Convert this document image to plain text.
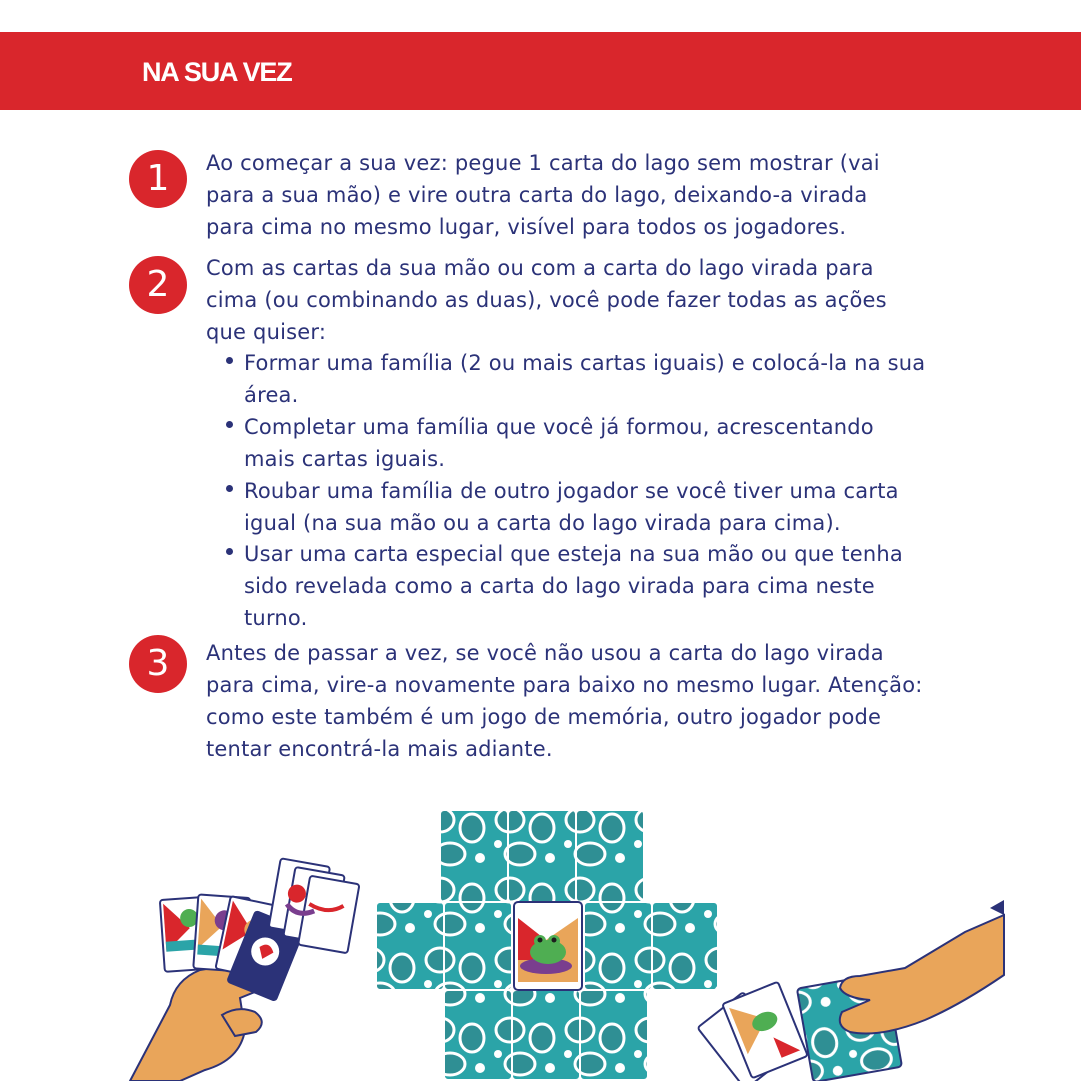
NA SUA VEZ
1	Ao começar a sua vez: pegue 1 carta do lago sem mostrar (vai
para a sua mão) e vire outra carta do lago, deixando-a virada
para cima no mesmo lugar, visível para todos os jogadores.
2	Com as cartas da sua mão ou com a carta do lago virada para
cima (ou combinando as duas), você pode fazer todas as ações
que quiser:
Formar uma família (2 ou mais cartas iguais) e colocá-la na sua
área.
Completar uma família que você já formou, acrescentando
mais cartas iguais.
Roubar uma família de outro jogador se você tiver uma carta
igual (na sua mão ou a carta do lago virada para cima).
Usar uma carta especial que esteja na sua mão ou que tenha
sido revelada como a carta do lago virada para cima neste
turno.
3	Antes de passar a vez, se você não usou a carta do lago virada
para cima, vire-a novamente para baixo no mesmo lugar. Atenção:
como este também é um jogo de memória, outro jogador pode
tentar encontrá-la mais adiante.
